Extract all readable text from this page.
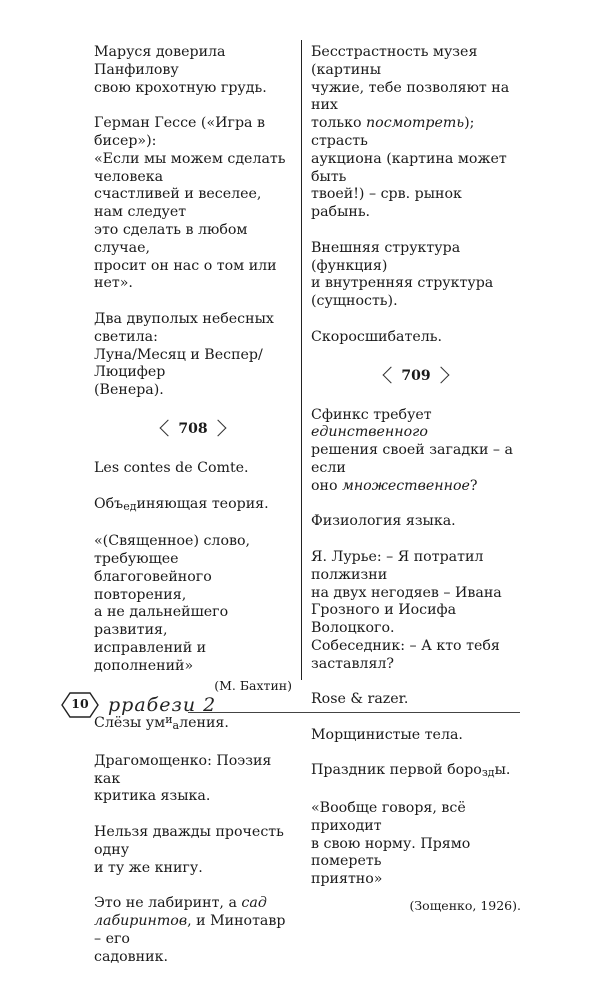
Маруся доверила Панфилову
свою крохотную грудь.

Герман Гессе («Игра в бисер»):
«Если мы можем сделать человека
счастливей и веселее, нам следует
это сделать в любом случае,
просит он нас о том или нет».

Два двуполых небесных светила:
Луна/Месяц и Веспер/Люцифер
(Венера).

708

Les contes de Comte.

Объединяющая теория.

«(Священное) слово, требующее
благоговейного повторения,
а не дальнейшего развития,
исправлений и дополнений»

(М. Бахтин)

Слёзы $ум^иаления$.

Драгомощенко: Поэзия как
критика языка.

Нельзя дважды прочесть одну
и ту же книгу.

Это не лабиринт, а сад
лабиринтов, и Минотавр – его
садовник.

Бесстрастность музея (картины
чужие, тебе позволяют на них
только посмотреть); страсть
аукциона (картина может быть
твоей!) – срв. рынок рабынь.

Внешняя структура (функция)
и внутренняя структура
(сущность).

Скоросшибатель.

709

Сфинкс требует единственного
решения своей загадки – а если
оно множественное?

Физиология языка.

Я. Лурье: – Я потратил полжизни
на двух негодяев – Ивана
Грозного и Иосифа Волоцкого.
Собеседник: – А кто тебя
заставлял?

Rose & razer.

Морщинистые тела.

Праздник первой борозды.

«Вообще говоря, всё приходит
в свою норму. Прямо помереть
приятно»

(Зощенко, 1926).
10	ррабези 2
